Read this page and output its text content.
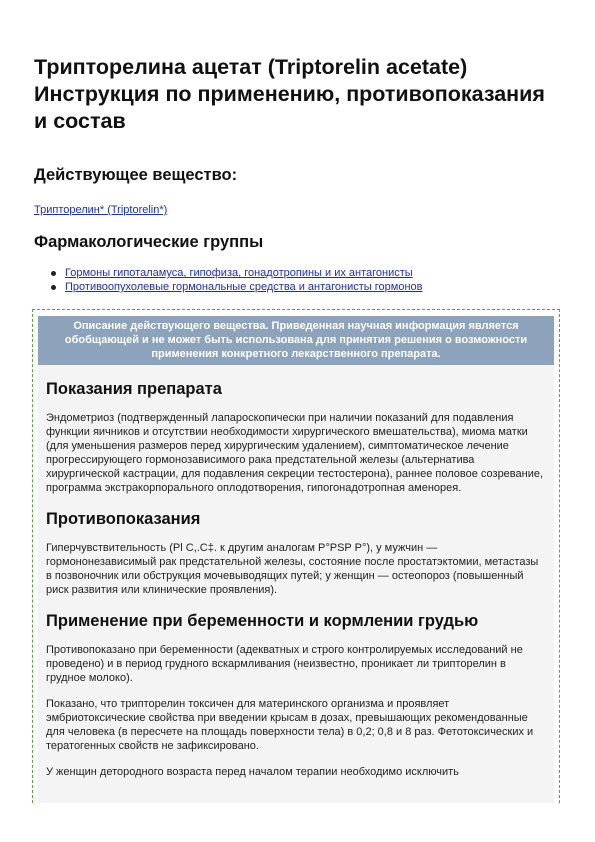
Трипторелина ацетат (Triptorelin acetate) Инструкция по применению, противопоказания и состав
Действующее вещество:
Трипторелин* (Triptorelin*)
Фармакологические группы
Гормоны гипоталамуса, гипофиза, гонадотропины и их антагонисты
Противоопухолевые гормональные средства и антагонисты гормонов
Описание действующего вещества. Приведенная научная информация является обобщающей и не может быть использована для принятия решения о возможности применения конкретного лекарственного препарата.
Показания препарата

Эндометриоз (подтвержденный лапароскопически при наличии показаний для подавления функции яичников и отсутствии необходимости хирургического вмешательства), миома матки (для уменьшения размеров перед хирургическим удалением), симптоматическое лечение прогрессирующего гормонозависимого рака предстательной железы (альтернатива хирургической кастрации, для подавления секреции тестостерона), раннее половое созревание, программа экстракорпорального оплодотворения, гипогонадотропная аменорея.

Противопоказания

Гиперчувствительность (Pl C,.C‡. к другим аналогам Р°PSP Р°), у мужчин — гормононезависимый рак предстательной железы, состояние после простатэктомии, метастазы в позвоночник или обструкция мочевыводящих путей; у женщин — остеопороз (повышенный риск развития или клинические проявления).

Применение при беременности и кормлении грудью

Противопоказано при беременности (адекватных и строго контролируемых исследований не проведено) и в период грудного вскармливания (неизвестно, проникает ли трипторелин в грудное молоко).

Показано, что трипторелин токсичен для материнского организма и проявляет эмбриотоксические свойства при введении крысам в дозах, превышающих рекомендованные для человека (в пересчете на площадь поверхности тела) в 0,2; 0,8 и 8 раз. Фетотоксических и тератогенных свойств не зафиксировано.

У женщин детородного возраста перед началом терапии необходимо исключить
